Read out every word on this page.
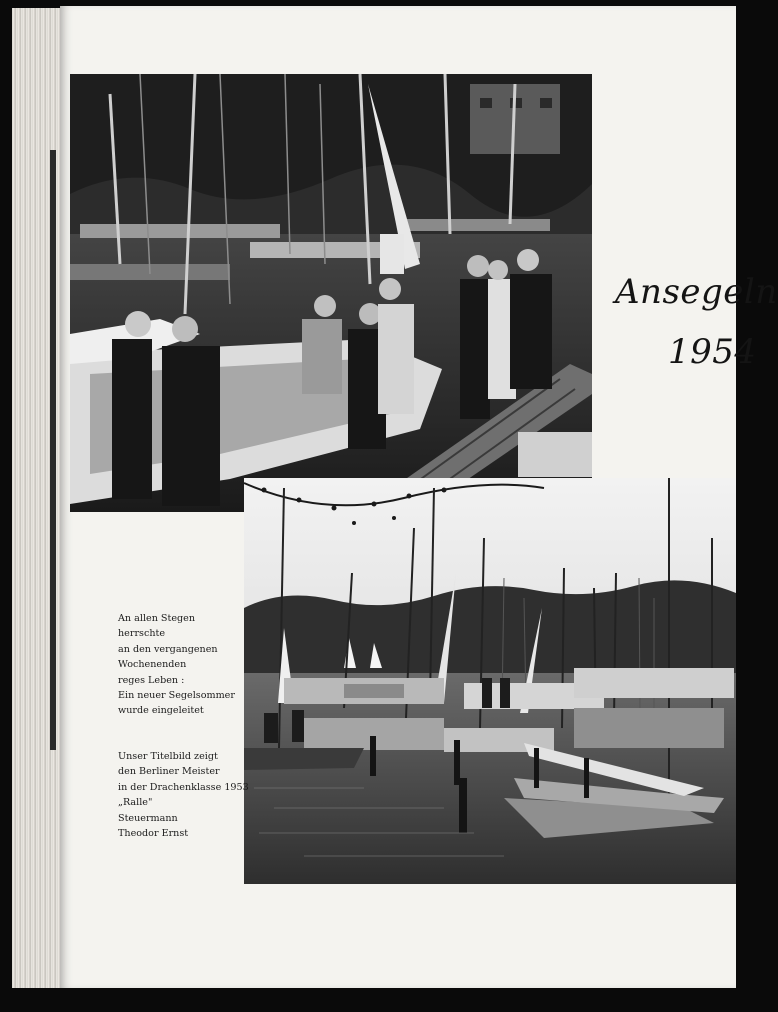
Ansegeln
1954
An allen Stegen
herrschte
an den vergangenen
Wochenenden
reges Leben :
Ein neuer Segelsommer
wurde eingeleitet
Unser Titelbild zeigt
den Berliner Meister
in der Drachenklasse 1953
„Ralle"
Steuermann
Theodor Ernst
